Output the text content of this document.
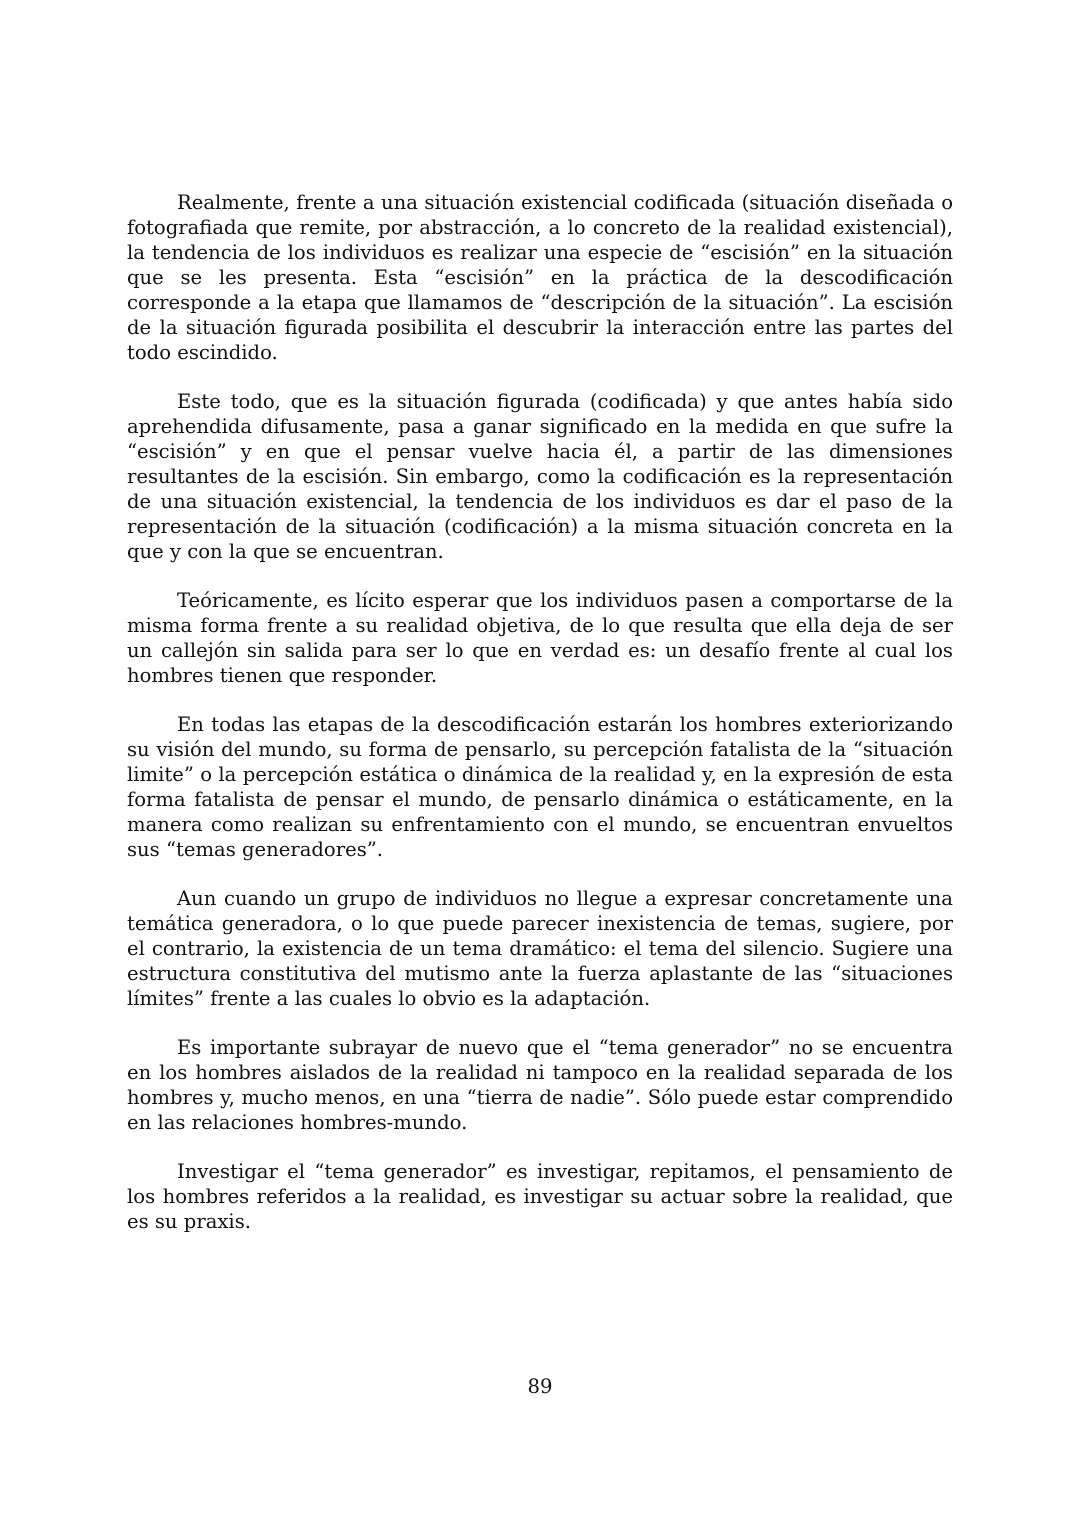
Realmente, frente a una situación existencial codificada (situación diseñada o fotografiada que remite, por abstracción, a lo concreto de la realidad existencial), la tendencia de los individuos es realizar una especie de “escisión” en la situación que se les presenta. Esta “escisión” en la práctica de la descodificación corresponde a la etapa que llamamos de “descripción de la situación”. La escisión de la situación figurada posibilita el descubrir la interacción entre las partes del todo escindido.

Este todo, que es la situación figurada (codificada) y que antes había sido aprehendida difusamente, pasa a ganar significado en la medida en que sufre la “escisión” y en que el pensar vuelve hacia él, a partir de las dimensiones resultantes de la escisión. Sin embargo, como la codificación es la representación de una situación existencial, la tendencia de los individuos es dar el paso de la representación de la situación (codificación) a la misma situación concreta en la que y con la que se encuentran.

Teóricamente, es lícito esperar que los individuos pasen a comportarse de la misma forma frente a su realidad objetiva, de lo que resulta que ella deja de ser un callejón sin salida para ser lo que en verdad es: un desafío frente al cual los hombres tienen que responder.

En todas las etapas de la descodificación estarán los hombres exteriorizando su visión del mundo, su forma de pensarlo, su percepción fatalista de la “situación limite” o la percepción estática o dinámica de la realidad y, en la expresión de esta forma fatalista de pensar el mundo, de pensarlo dinámica o estáticamente, en la manera como realizan su enfrentamiento con el mundo, se encuentran envueltos sus “temas generadores”.

Aun cuando un grupo de individuos no llegue a expresar concretamente una temática generadora, o lo que puede parecer inexistencia de temas, sugiere, por el contrario, la existencia de un tema dramático: el tema del silencio. Sugiere una estructura constitutiva del mutismo ante la fuerza aplastante de las “situaciones límites” frente a las cuales lo obvio es la adaptación.

Es importante subrayar de nuevo que el “tema generador” no se encuentra en los hombres aislados de la realidad ni tampoco en la realidad separada de los hombres y, mucho menos, en una “tierra de nadie”. Sólo puede estar comprendido en las relaciones hombres-mundo.

Investigar el “tema generador” es investigar, repitamos, el pensamiento de los hombres referidos a la realidad, es investigar su actuar sobre la realidad, que es su praxis.

89
